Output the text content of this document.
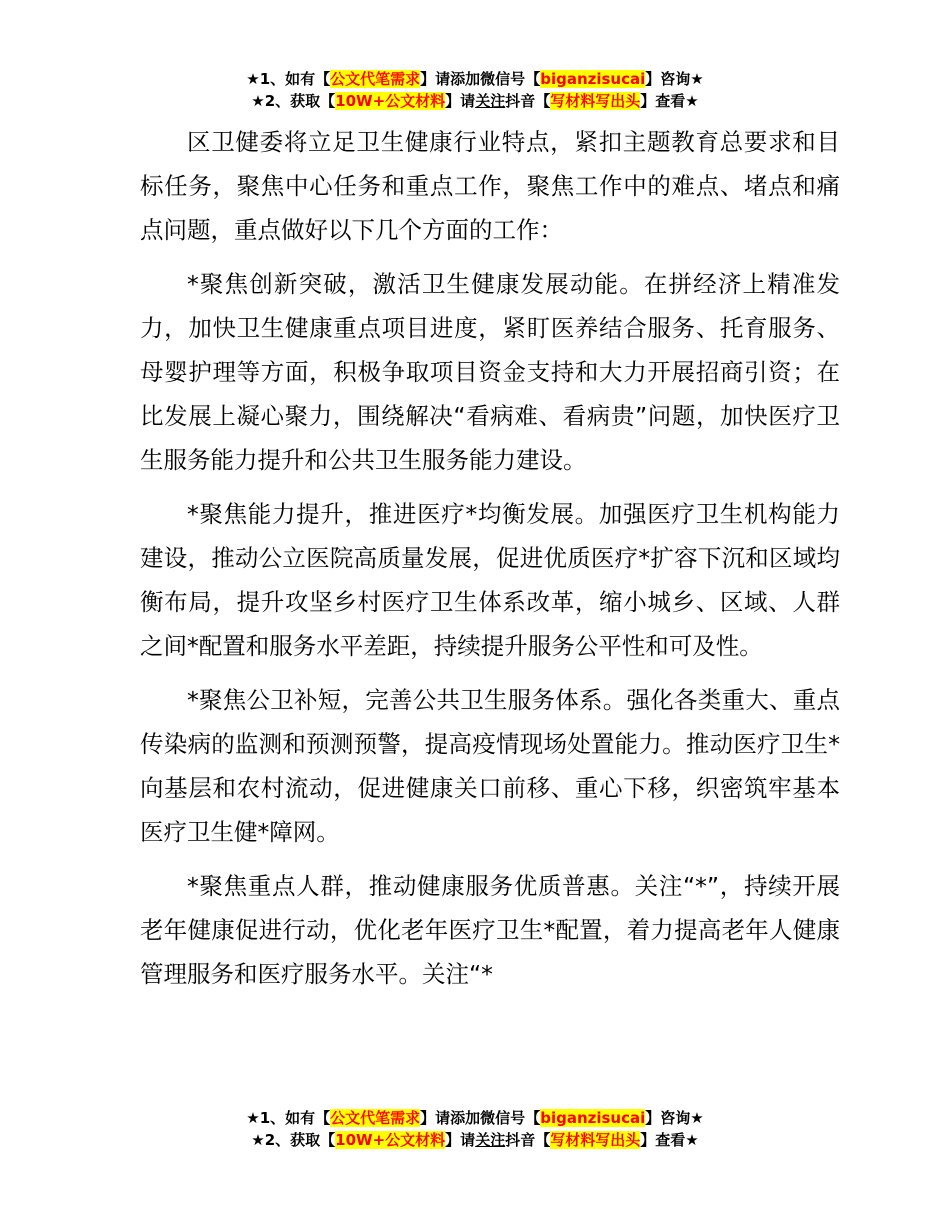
★1、如有【公文代笔需求】请添加微信号【biganzisucai】咨询★
★2、获取【10W+公文材料】请关注抖音【写材料写出头】查看★

区卫健委将立足卫生健康行业特点，紧扣主题教育总要求和目标任务，聚焦中心任务和重点工作，聚焦工作中的难点、堵点和痛点问题，重点做好以下几个方面的工作：

*聚焦创新突破，激活卫生健康发展动能。在拼经济上精准发力，加快卫生健康重点项目进度，紧盯医养结合服务、托育服务、母婴护理等方面，积极争取项目资金支持和大力开展招商引资；在比发展上凝心聚力，围绕解决“看病难、看病贵”问题，加快医疗卫生服务能力提升和公共卫生服务能力建设。

*聚焦能力提升，推进医疗*均衡发展。加强医疗卫生机构能力建设，推动公立医院高质量发展，促进优质医疗*扩容下沉和区域均衡布局，提升攻坚乡村医疗卫生体系改革，缩小城乡、区域、人群之间*配置和服务水平差距，持续提升服务公平性和可及性。

*聚焦公卫补短，完善公共卫生服务体系。强化各类重大、重点传染病的监测和预测预警，提高疫情现场处置能力。推动医疗卫生*向基层和农村流动，促进健康关口前移、重心下移，织密筑牢基本医疗卫生健*障网。

*聚焦重点人群，推动健康服务优质普惠。关注“*”，持续开展老年健康促进行动，优化老年医疗卫生*配置，着力提高老年人健康管理服务和医疗服务水平。关注“*

★1、如有【公文代笔需求】请添加微信号【biganzisucai】咨询★
★2、获取【10W+公文材料】请关注抖音【写材料写出头】查看★
